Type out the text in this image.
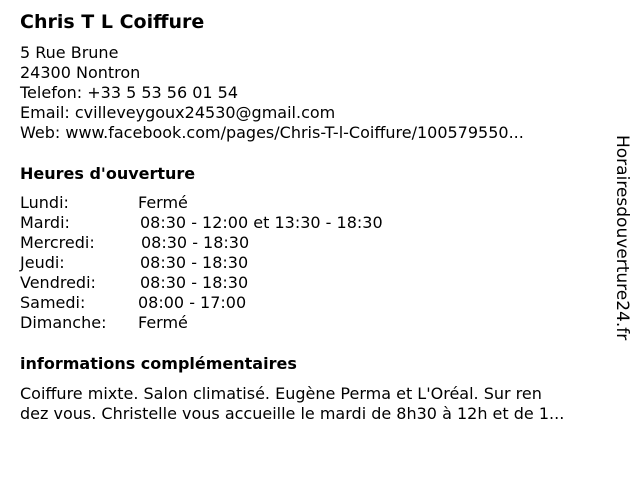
Chris T L Coiffure
5 Rue Brune
24300 Nontron
Telefon: +33 5 53 56 01 54
Email: cvilleveygoux24530@gmail.com
Web: www.facebook.com/pages/Chris-T-l-Coiffure/100579550...
Heures d'ouverture
Lundi:	Fermé
Mardi:	08:30 - 12:00 et 13:30 - 18:30
Mercredi:	08:30 - 18:30
Jeudi:	08:30 - 18:30
Vendredi:	08:30 - 18:30
Samedi:	08:00 - 17:00
Dimanche: Fermé
informations complémentaires
Coiffure mixte. Salon climatisé. Eugène Perma et L'Oréal. Sur ren
dez vous. Christelle vous accueille le mardi de 8h30 à 12h et de 1...
Horairesdouverture24.fr
